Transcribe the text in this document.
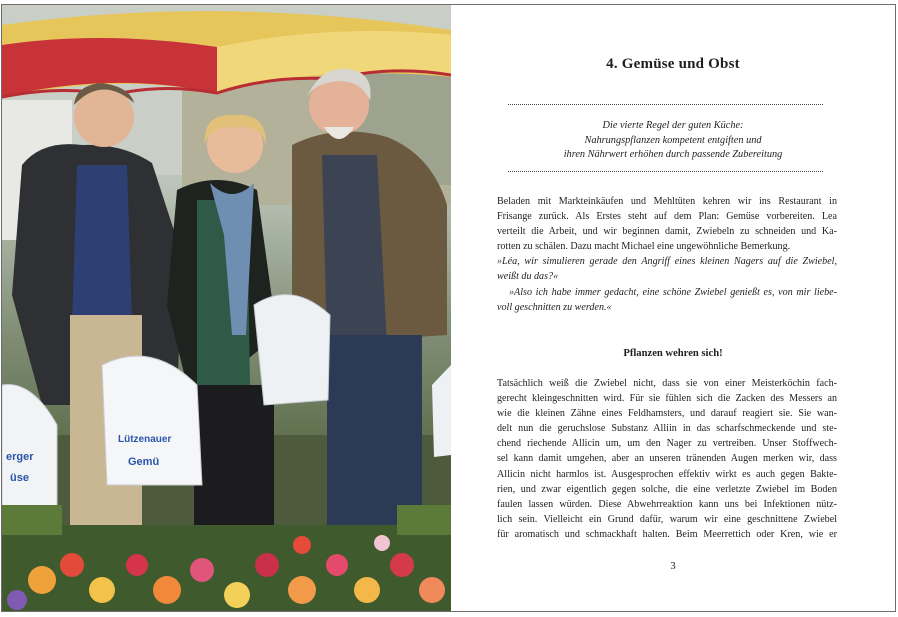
Lützenauer
Gemü
erger
üse
4. Gemüse und Obst
Die vierte Regel der guten Küche:
Nahrungspflanzen kompetent entgiften und
ihren Nährwert erhöhen durch passende Zubereitung
Beladen mit Markteinkäufen und Mehltüten kehren wir ins Restaurant in
Frisange zurück. Als Erstes steht auf dem Plan: Gemüse vorbereiten. Lea
verteilt die Arbeit, und wir beginnen damit, Zwiebeln zu schneiden und Ka-
rotten zu schälen. Dazu macht Michael eine ungewöhnliche Bemerkung.
»Léa, wir simulieren gerade den Angriff eines kleinen Nagers auf die Zwiebel,
weißt du das?«
»Also ich habe immer gedacht, eine schöne Zwiebel genießt es, von mir liebe-
voll geschnitten zu werden.«
Pflanzen wehren sich!
Tatsächlich weiß die Zwiebel nicht, dass sie von einer Meisterköchin fach-
gerecht kleingeschnitten wird. Für sie fühlen sich die Zacken des Messers an
wie die kleinen Zähne eines Feldhamsters, und darauf reagiert sie. Sie wan-
delt nun die geruchslose Substanz Alliin in das scharfschmeckende und ste-
chend riechende Allicin um, um den Nager zu vertreiben. Unser Stoffwech-
sel kann damit umgehen, aber an unseren tränenden Augen merken wir, dass
Allicin nicht harmlos ist. Ausgesprochen effektiv wirkt es auch gegen Bakte-
rien, und zwar eigentlich gegen solche, die eine verletzte Zwiebel im Boden
faulen lassen würden. Diese Abwehrreaktion kann uns bei Infektionen nütz-
lich sein. Vielleicht ein Grund dafür, warum wir eine geschnittene Zwiebel
für aromatisch und schmackhaft halten. Beim Meerrettich oder Kren, wie er
3
